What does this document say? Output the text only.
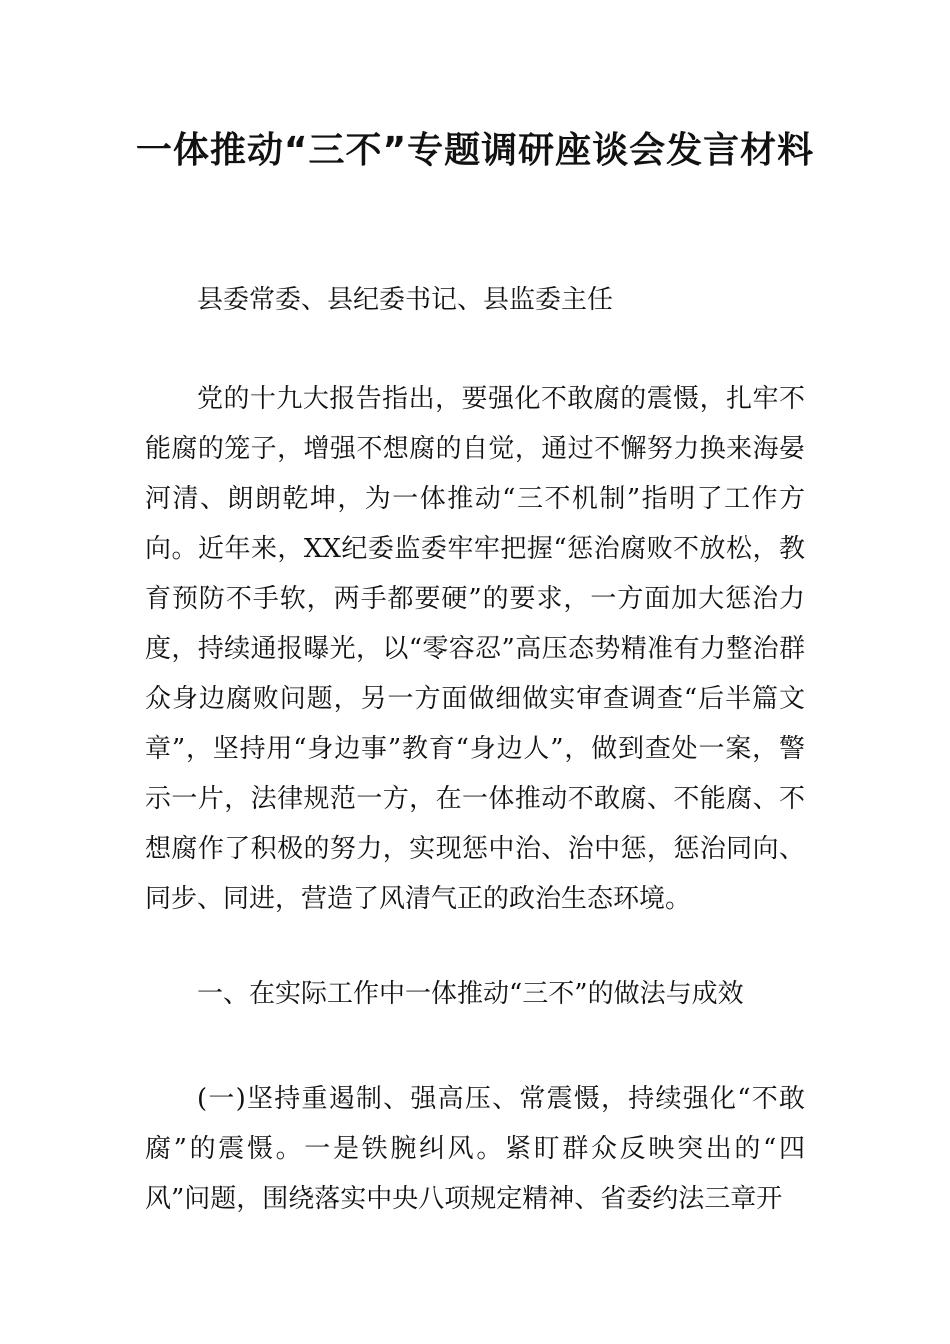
一体推动“三不”专题调研座谈会发言材料
县委常委、县纪委书记、县监委主任
党的十九大报告指出，要强化不敢腐的震慑，扎牢不能腐的笼子，增强不想腐的自觉，通过不懈努力换来海晏河清、朗朗乾坤，为一体推动“三不机制”指明了工作方向。近年来，XX纪委监委牢牢把握“惩治腐败不放松，教育预防不手软，两手都要硬”的要求，一方面加大惩治力度，持续通报曝光，以“零容忍”高压态势精准有力整治群众身边腐败问题，另一方面做细做实审查调查“后半篇文章”，坚持用“身边事”教育“身边人”，做到查处一案，警示一片，法律规范一方，在一体推动不敢腐、不能腐、不想腐作了积极的努力，实现惩中治、治中惩，惩治同向、同步、同进，营造了风清气正的政治生态环境。
一、在实际工作中一体推动“三不”的做法与成效
(一)坚持重遏制、强高压、常震慑，持续强化“不敢腐”的震慑。一是铁腕纠风。紧盯群众反映突出的“四风”问题，围绕落实中央八项规定精神、省委约法三章开
